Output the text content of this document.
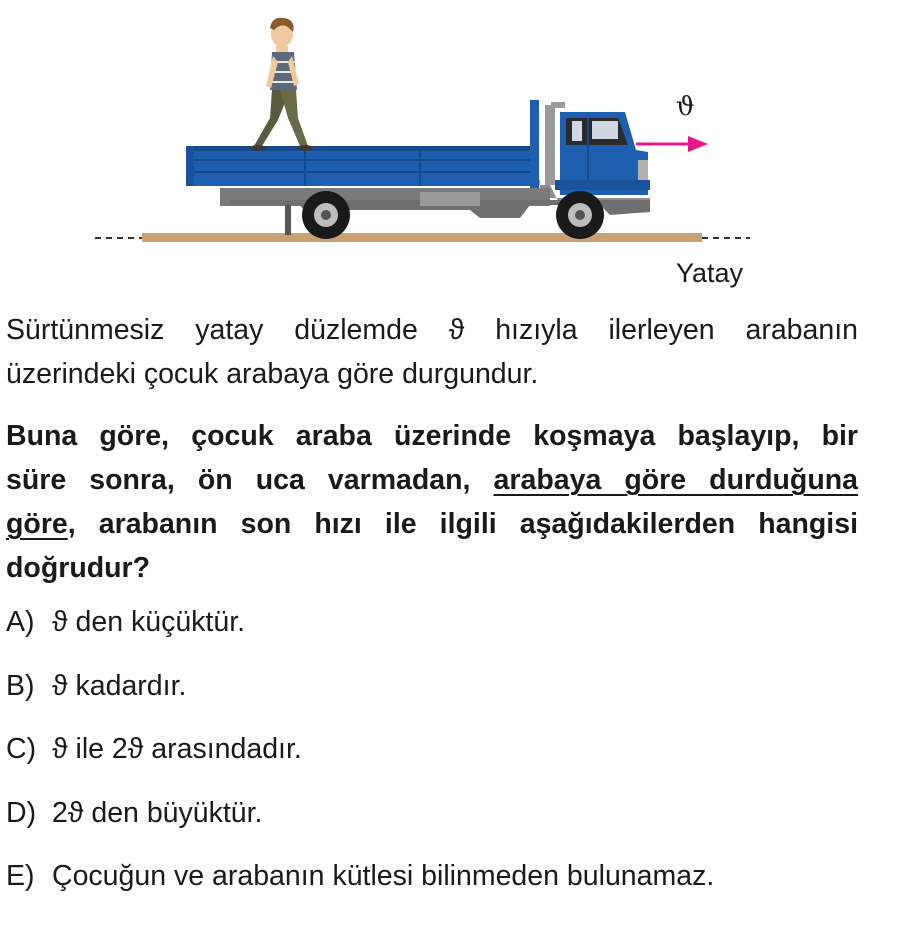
ϑ
Yatay
Sürtünmesiz yatay düzlemde ϑ hızıyla ilerleyen arabanın
üzerindeki çocuk arabaya göre durgundur.
Buna göre, çocuk araba üzerinde koşmaya başlayıp, bir
süre sonra, ön uca varmadan, arabaya göre durduğuna
göre, arabanın son hızı ile ilgili aşağıdakilerden hangisi
doğrudur?
A) ϑ den küçüktür.
B) ϑ kadardır.
C) ϑ ile 2ϑ arasındadır.
D) 2ϑ den büyüktür.
E) Çocuğun ve arabanın kütlesi bilinmeden bulunamaz.
